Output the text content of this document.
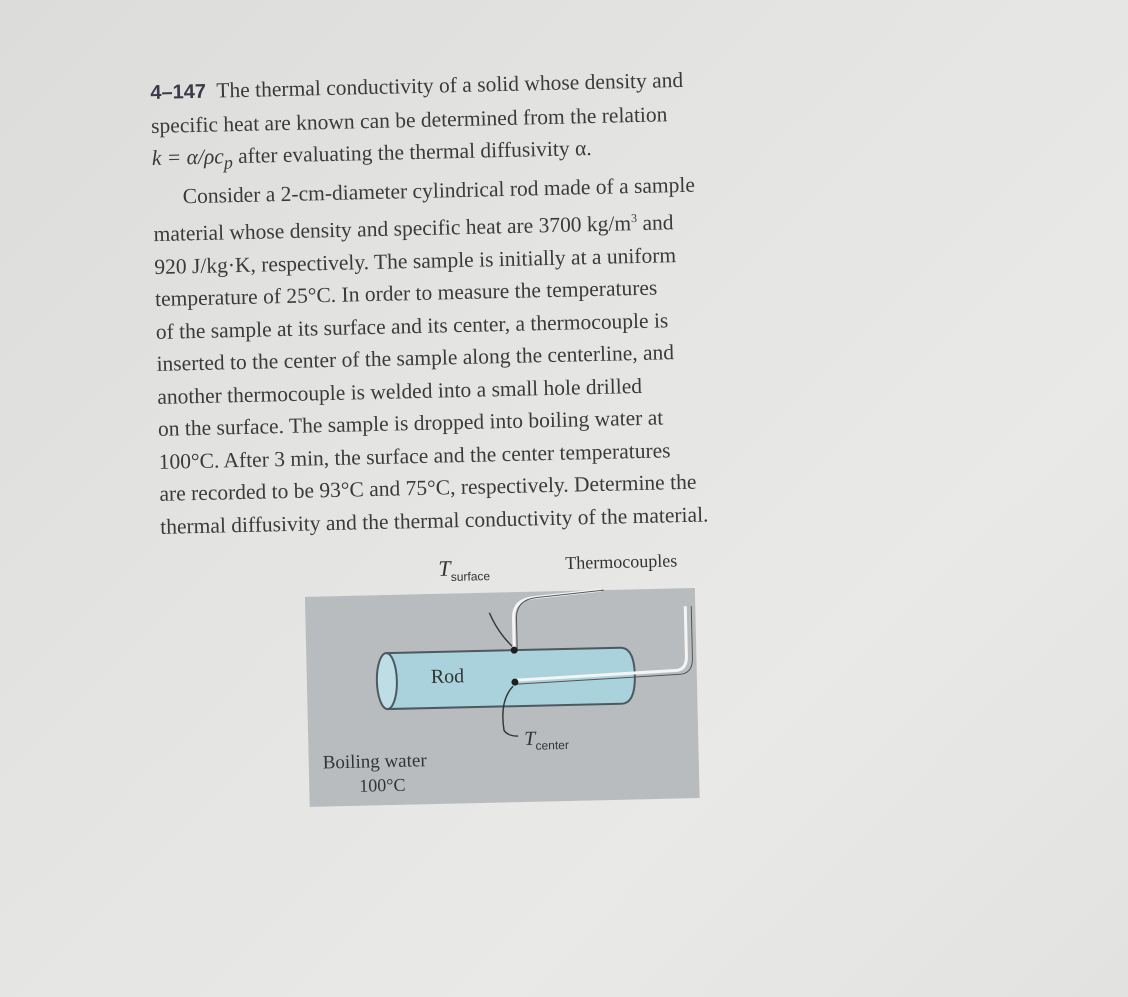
4–147 The thermal conductivity of a solid whose density and
specific heat are known can be determined from the relation
$k = \alpha/\rho c_p$ after evaluating the thermal diffusivity α.

Consider a 2-cm-diameter cylindrical rod made of a sample
material whose density and specific heat are 3700 $kg/m^3$ and
920 J/kg·K, respectively. The sample is initially at a uniform
temperature of 25°C. In order to measure the temperatures
of the sample at its surface and its center, a thermocouple is
inserted to the center of the sample along the centerline, and
another thermocouple is welded into a small hole drilled
on the surface. The sample is dropped into boiling water at
100°C. After 3 min, the surface and the center temperatures
are recorded to be 93°C and 75°C, respectively. Determine the
thermal diffusivity and the thermal conductivity of the material.

$T_{surface}$
Thermocouples
Rod
$T_{center}$
Boiling water
100°C
